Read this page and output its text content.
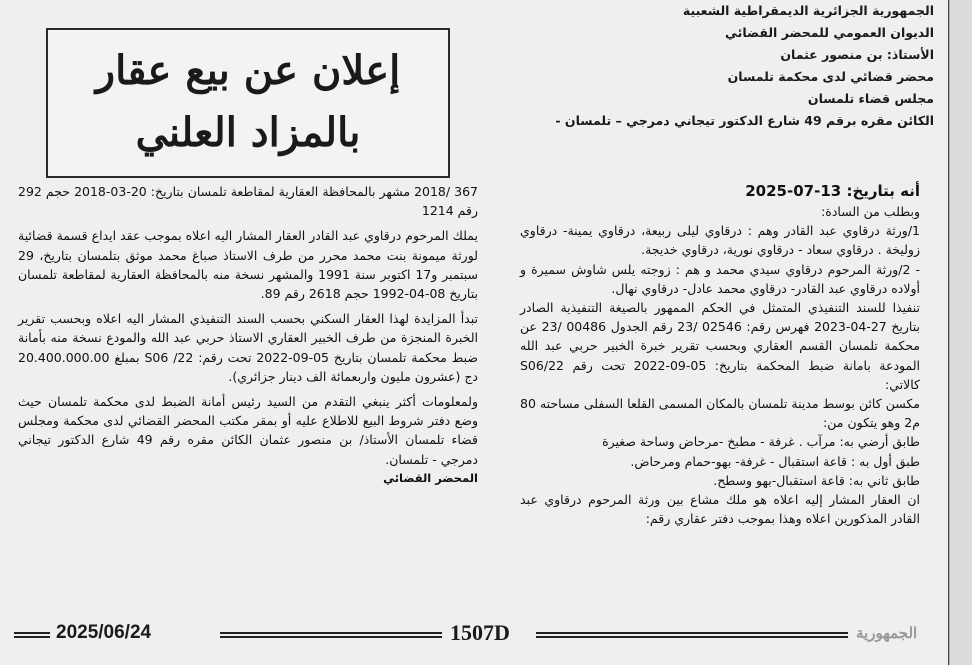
الجمهورية الجزائرية الديمقراطية الشعبية
الديوان العمومي للمحضر القضائي
الأستاذ: بن منصور عثمان
محضر قضائي لدى محكمة تلمسان
مجلس قضاء تلمسان
الكائن مقره برقم 49 شارع الدكتور تيجاني دمرجي – تلمسان -
إعلان عن بيع عقار
بالمزاد العلني

أنه بتاريخ: 13-07-2025

وبطلب من السادة:

1/ورثة درقاوي عبد القادر وهم : درقاوي ليلى ربيعة، درقاوي يمينة- درقاوي زوليخة . درقاوي سعاد - درقاوي نورية، درقاوي خديجة.

- 2/ورثة المرحوم درقاوي سيدي محمد و هم : زوجته يلس شاوش سميرة و أولاده درقاوي عبد القادر- درقاوي محمد عادل- درقاوي نهال.

تنفيذا للسند التنفيذي المتمثل في الحكم الممهور بالصيغة التنفيذية الصادر بتاريخ 27-04-2023 فهرس رقم: 02546 /23 رقم الجدول 00486 /23 عن محكمة تلمسان القسم العقاري وبحسب تقرير خبرة الخبير حربي عبد الله المودعة بامانة ضبط المحكمة بتاريخ: 05-09-2022 تحت رقم 22/S06 كالاتي:

مكسن كائن بوسط مدينة تلمسان بالمكان المسمى القلعا السفلى مساحته 80 م2 وهو يتكون من:

طابق أرضي به: مرآب . غرفة - مطبخ -مرحاض وساحة صغيرة

طبق أول به : قاعة استقبال - غرفة- بهو-حمام ومرحاض.

طابق ثاني به: قاعة استقبال-بهو وسطح.

ان العقار المشار إليه اعلاه هو ملك مشاع بين ورثة المرحوم درقاوي عبد القادر المذكورين اعلاه وهذا بموجب دفتر عقاري رقم:

367 /2018 مشهر بالمحافظة العقارية لمقاطعة تلمسان بتاريخ: 20-03-2018 حجم 292 رقم 1214

يملك المرحوم درقاوي عبد القادر العقار المشار اليه اعلاه بموجب عقد ايداع قسمة قضائية لورثة ميمونة بنت محمد محرر من طرف الاستاذ صباغ محمد موثق بتلمسان بتاريخ، 29 سبتمبر و17 اكتوبر سنة 1991 والمشهر نسخة منه بالمحافظة العقارية لمقاطعة تلمسان بتاريخ 08-04-1992 حجم 2618 رقم 89.

تبدأ المزايدة لهذا العقار السكني بحسب السند التنفيذي المشار اليه اعلاه وبحسب تقرير الخبرة المنجزة من طرف الخبير العقاري الاستاذ حربي عبد الله والمودع نسخة منه بأمانة ضبط محكمة تلمسان بتاريخ 05-09-2022 تحت رقم: S06 /22 بمبلغ 20.400.000.00 دج (عشرون مليون واربعمائة الف دينار جزائري).

ولمعلومات أكثر ينبغي التقدم من السيد رئيس أمانة الضبط لدى محكمة تلمسان حيث وضع دفتر شروط البيع للاطلاع عليه أو بمقر مكتب المحضر القضائي لدى محكمة ومجلس قضاء تلمسان الأستاذ/ بن منصور عثمان الكائن مقره رقم 49 شارع الدكتور تيجاني دمرجي - تلمسان.

المحضر القضائي

2025/06/24	1507D	الجمهورية
